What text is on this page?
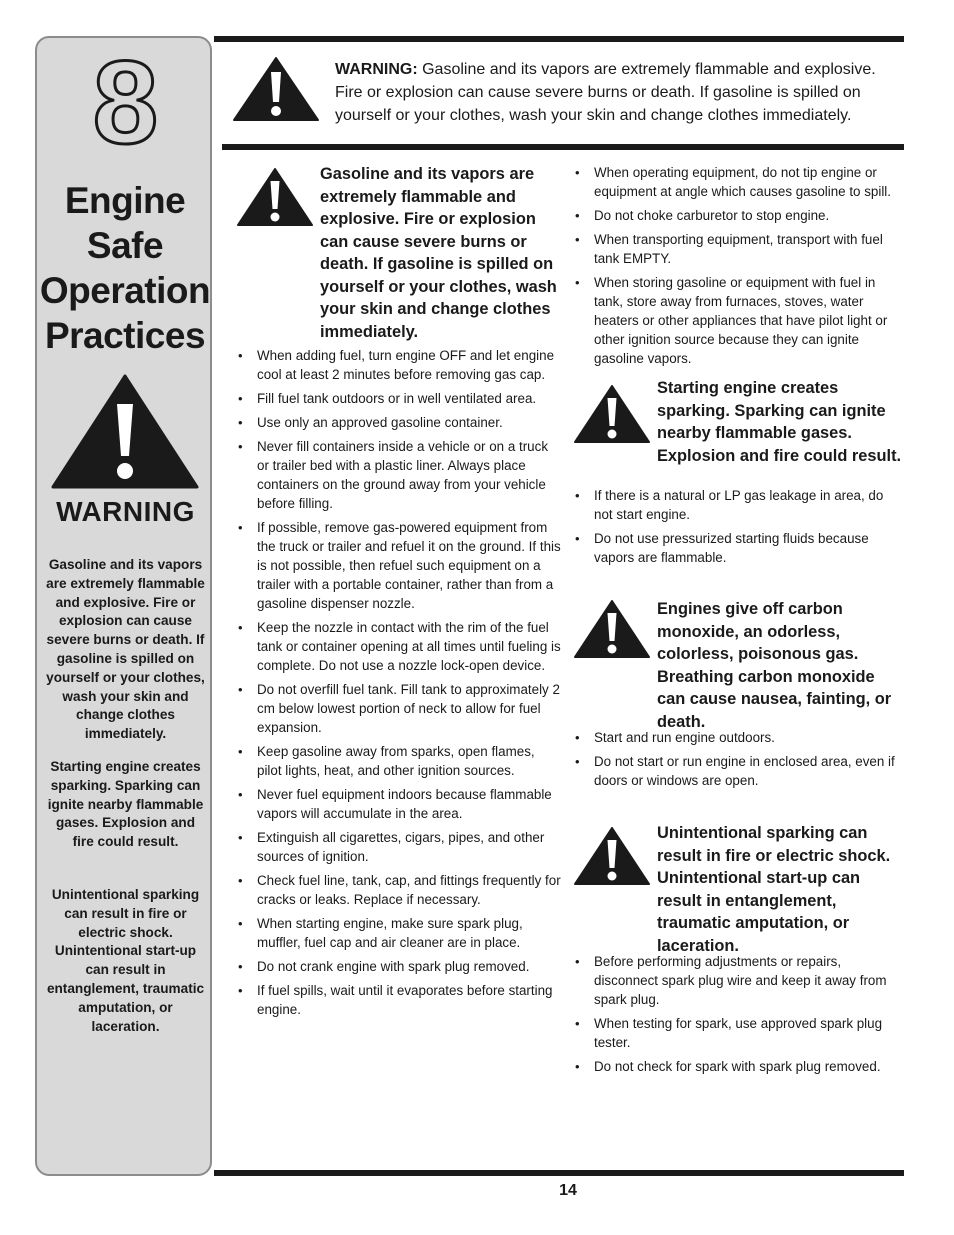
8
Engine
Safe
Operation
Practices
WARNING
Gasoline and its vapors are extremely flammable and explosive. Fire or explosion can cause severe burns or death. If gasoline is spilled on yourself or your clothes, wash your skin and change clothes immediately.
Starting engine creates sparking. Sparking can ignite nearby flammable gases. Explosion and fire could result.
Unintentional sparking can result in fire or electric shock. Unintentional start-up can result in entanglement, traumatic amputation, or laceration.
WARNING: Gasoline and its vapors are extremely flammable and explosive. Fire or explosion can cause severe burns or death. If gasoline is spilled on yourself or your clothes, wash your skin and change clothes immediately.
Gasoline and its vapors are extremely flammable and explosive. Fire or explosion can cause severe burns or death. If gasoline is spilled on yourself or your clothes, wash your skin and change clothes immediately.
• When adding fuel, turn engine OFF and let engine cool at least 2 minutes before removing gas cap.
• Fill fuel tank outdoors or in well ventilated area.
• Use only an approved gasoline container.
• Never fill containers inside a vehicle or on a truck or trailer bed with a plastic liner. Always place containers on the ground away from your vehicle before filling.
• If possible, remove gas-powered equipment from the truck or trailer and refuel it on the ground. If this is not possible, then refuel such equipment on a trailer with a portable container, rather than from a gasoline dispenser nozzle.
• Keep the nozzle in contact with the rim of the fuel tank or container opening at all times until fueling is complete. Do not use a nozzle lock-open device.
• Do not overfill fuel tank. Fill tank to approximately 2 cm below lowest portion of neck to allow for fuel expansion.
• Keep gasoline away from sparks, open flames, pilot lights, heat, and other ignition sources.
• Never fuel equipment indoors because flammable vapors will accumulate in the area.
• Extinguish all cigarettes, cigars, pipes, and other sources of ignition.
• Check fuel line, tank, cap, and fittings frequently for cracks or leaks. Replace if necessary.
• When starting engine, make sure spark plug, muffler, fuel cap and air cleaner are in place.
• Do not crank engine with spark plug removed.
• If fuel spills, wait until it evaporates before starting engine.
• When operating equipment, do not tip engine or equipment at angle which causes gasoline to spill.
• Do not choke carburetor to stop engine.
• When transporting equipment, transport with fuel tank EMPTY.
• When storing gasoline or equipment with fuel in tank, store away from furnaces, stoves, water heaters or other appliances that have pilot light or other ignition source because they can ignite gasoline vapors.
Starting engine creates sparking. Sparking can ignite nearby flammable gases. Explosion and fire could result.
• If there is a natural or LP gas leakage in area, do not start engine.
• Do not use pressurized starting fluids because vapors are flammable.
Engines give off carbon monoxide, an odorless, colorless, poisonous gas. Breathing carbon monoxide can cause nausea, fainting, or death.
• Start and run engine outdoors.
• Do not start or run engine in enclosed area, even if doors or windows are open.
Unintentional sparking can result in fire or electric shock. Unintentional start-up can result in entanglement, traumatic amputation, or laceration.
• Before performing adjustments or repairs, disconnect spark plug wire and keep it away from spark plug.
• When testing for spark, use approved spark plug tester.
• Do not check for spark with spark plug removed.
14
